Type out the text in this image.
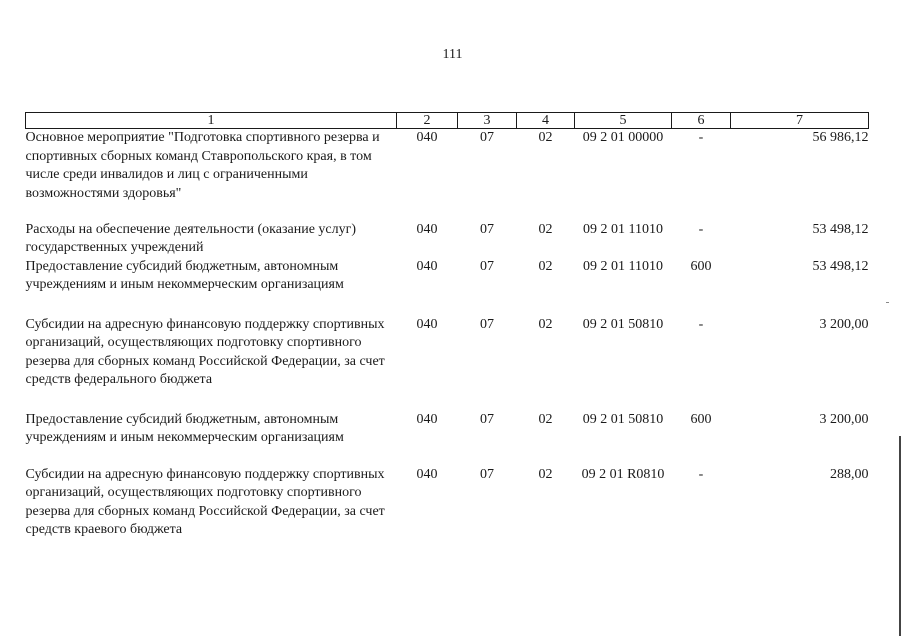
111
1	2	3	4	5	6	7
Основное мероприятие "Подготовка спортивного резерва и спортивных сборных команд Ставропольского края, в том числе среди инвалидов и лиц с ограниченными возможностями здоровья"	040	07	02	09 2 01 00000	-	56 986,12
Расходы на обеспечение деятельности (оказание услуг) государственных учреждений	040	07	02	09 2 01 11010	-	53 498,12
Предоставление субсидий бюджетным, автономным учреждениям и иным некоммерческим организациям	040	07	02	09 2 01 11010	600	53 498,12
Субсидии на адресную финансовую поддержку спортивных организаций, осуществляющих подготовку спортивного резерва для сборных команд Российской Федерации, за счет средств федерального бюджета	040	07	02	09 2 01 50810	-	3 200,00
Предоставление субсидий бюджетным, автономным учреждениям и иным некоммерческим организациям	040	07	02	09 2 01 50810	600	3 200,00
Субсидии на адресную финансовую поддержку спортивных организаций, осуществляющих подготовку спортивного резерва для сборных команд Российской Федерации, за счет средств краевого бюджета	040	07	02	09 2 01 R0810	-	288,00
